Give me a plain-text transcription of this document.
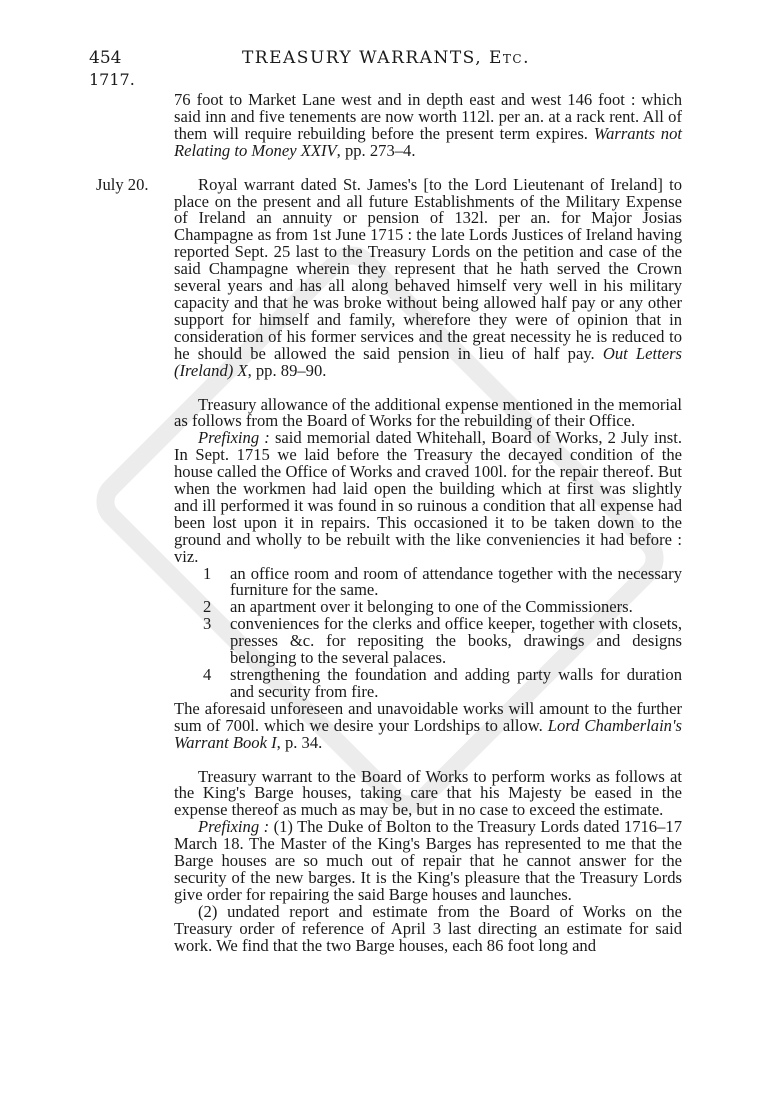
454	TREASURY WARRANTS, Etc.
1717.

76 foot to Market Lane west and in depth east and west 146 foot : which said inn and five tenements are now worth 112l. per an. at a rack rent. All of them will require rebuilding before the present term expires. Warrants not Relating to Money XXIV, pp. 273–4.

July 20.	Royal warrant dated St. James's [to the Lord Lieutenant of Ireland] to place on the present and all future Establishments of the Military Expense of Ireland an annuity or pension of 132l. per an. for Major Josias Champagne as from 1st June 1715 : the late Lords Justices of Ireland having reported Sept. 25 last to the Treasury Lords on the petition and case of the said Champagne wherein they represent that he hath served the Crown several years and has all along behaved himself very well in his military capacity and that he was broke without being allowed half pay or any other support for himself and family, wherefore they were of opinion that in consideration of his former services and the great necessity he is reduced to he should be allowed the said pension in lieu of half pay. Out Letters (Ireland) X, pp. 89–90.

Treasury allowance of the additional expense mentioned in the memorial as follows from the Board of Works for the rebuilding of their Office.

Prefixing : said memorial dated Whitehall, Board of Works, 2 July inst. In Sept. 1715 we laid before the Treasury the decayed condition of the house called the Office of Works and craved 100l. for the repair thereof. But when the workmen had laid open the building which at first was slightly and ill performed it was found in so ruinous a condition that all expense had been lost upon it in repairs. This occasioned it to be taken down to the ground and wholly to be rebuilt with the like conveniencies it had before : viz.

1 an office room and room of attendance together with the necessary furniture for the same.
2 an apartment over it belonging to one of the Commissioners.
3 conveniences for the clerks and office keeper, together with closets, presses &c. for repositing the books, drawings and designs belonging to the several palaces.
4 strengthening the foundation and adding party walls for duration and security from fire.

The aforesaid unforeseen and unavoidable works will amount to the further sum of 700l. which we desire your Lordships to allow. Lord Chamberlain's Warrant Book I, p. 34.

Treasury warrant to the Board of Works to perform works as follows at the King's Barge houses, taking care that his Majesty be eased in the expense thereof as much as may be, but in no case to exceed the estimate.

Prefixing : (1) The Duke of Bolton to the Treasury Lords dated 1716–17 March 18. The Master of the King's Barges has represented to me that the Barge houses are so much out of repair that he cannot answer for the security of the new barges. It is the King's pleasure that the Treasury Lords give order for repairing the said Barge houses and launches.

(2) undated report and estimate from the Board of Works on the Treasury order of reference of April 3 last directing an estimate for said work. We find that the two Barge houses, each 86 foot long and
